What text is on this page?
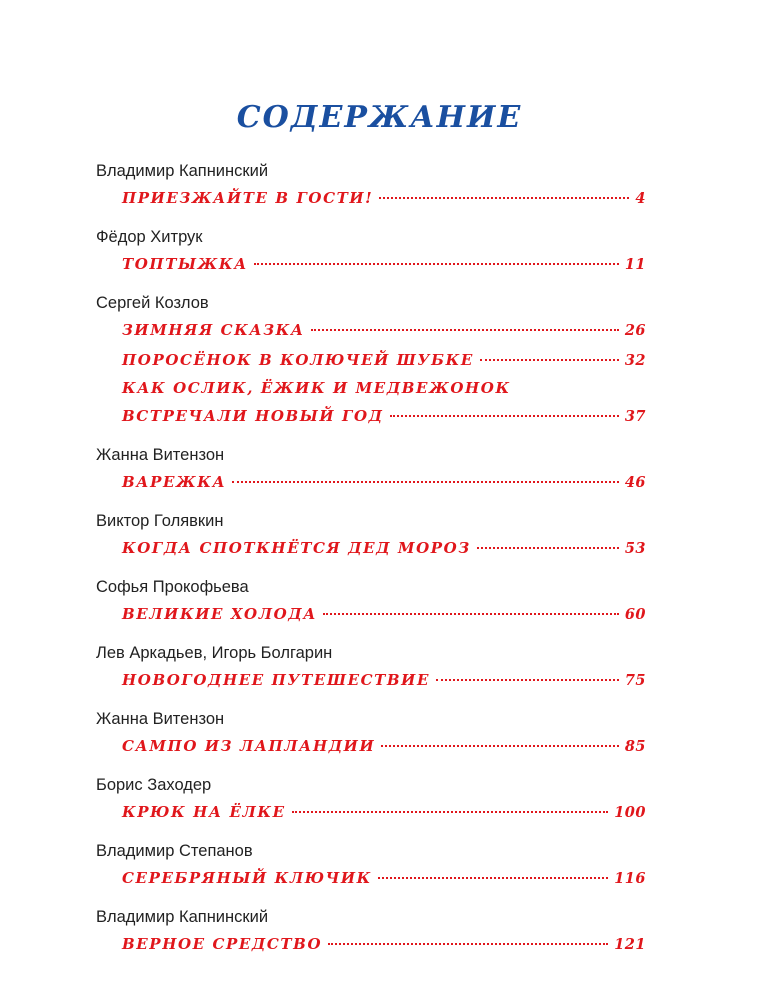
СОДЕРЖАНИЕ
Владимир Капнинский
ПРИЕЗЖАЙТЕ В ГОСТИ!	4
Фёдор Хитрук
ТОПТЫЖКА	11
Сергей Козлов
ЗИМНЯЯ СКАЗКА	26
ПОРОСЁНОК В КОЛЮЧЕЙ ШУБКЕ	32
КАК ОСЛИК, ЁЖИК И МЕДВЕЖОНОК
ВСТРЕЧАЛИ НОВЫЙ ГОД	37
Жанна Витензон
ВАРЕЖКА	46
Виктор Голявкин
КОГДА СПОТКНЁТСЯ ДЕД МОРОЗ	53
Софья Прокофьева
ВЕЛИКИЕ ХОЛОДА	60
Лев Аркадьев, Игорь Болгарин
НОВОГОДНЕЕ ПУТЕШЕСТВИЕ	75
Жанна Витензон
САМПО ИЗ ЛАПЛАНДИИ	85
Борис Заходер
КРЮК НА ЁЛКЕ	100
Владимир Степанов
СЕРЕБРЯНЫЙ КЛЮЧИК	116
Владимир Капнинский
ВЕРНОЕ СРЕДСТВО	121
